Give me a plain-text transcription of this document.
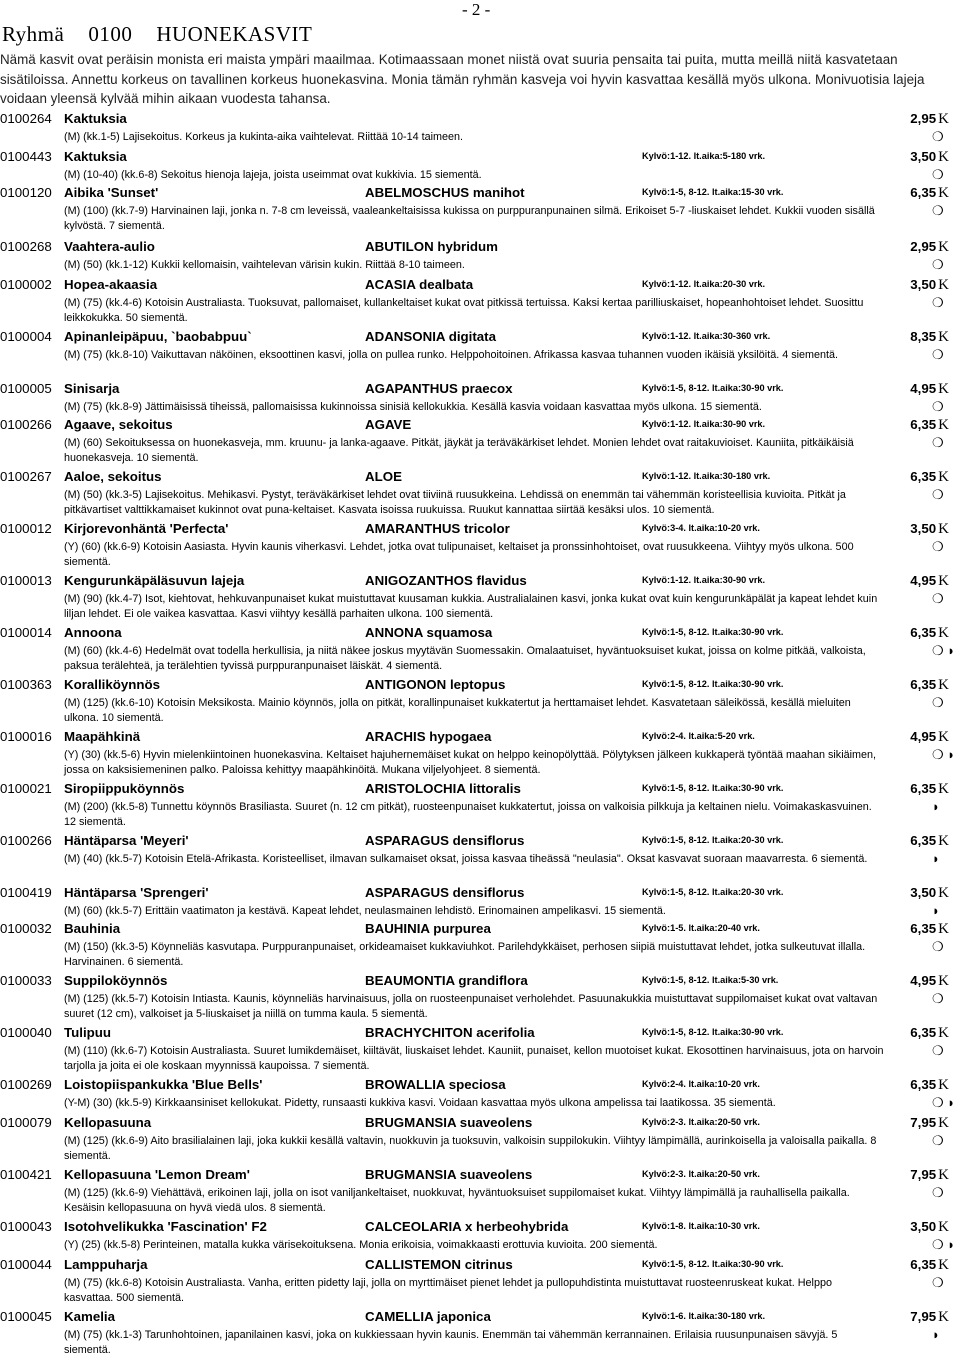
- 2 -
Ryhmä 0100 HUONEKASVIT
Nämä kasvit ovat peräisin monista eri maista ympäri maailmaa. Kotimaassaan monet niistä ovat suuria pensaita tai puita, mutta meillä niitä kasvatetaan sisätiloissa. Annettu korkeus on tavallinen korkeus huonekasvina. Monia tämän ryhmän kasveja voi hyvin kasvattaa kesällä myös ulkona. Monivuotisia lajeja voidaan yleensä kylvää mihin aikaan vuodesta tahansa.
0100264 Kaktuksia	2,95 K
(M) (kk.1-5) Lajisekoitus. Korkeus ja kukinta-aika vaihtelevat. Riittää 10-14 taimeen.	❍
0100443 Kaktuksia	Kylvö:1-12. lt.aika:5-180 vrk.	3,50 K
(M) (10-40) (kk.6-8) Sekoitus hienoja lajeja, joista useimmat ovat kukkivia. 15 siementä.	❍
0100120 Aibika 'Sunset'	ABELMOSCHUS manihot	Kylvö:1-5, 8-12. lt.aika:15-30 vrk.	6,35 K
(M) (100) (kk.7-9) Harvinainen laji, jonka n. 7-8 cm leveissä, vaaleankeltaisissa kukissa on purppuranpunainen silmä. Erikoiset 5-7 -liuskaiset lehdet. Kukkii vuoden sisällä kylvöstä. 7 siementä.
❍
0100268 Vaahtera-aulio	ABUTILON hybridum	2,95 K
(M) (50) (kk.1-12) Kukkii kellomaisin, vaihtelevan värisin kukin. Riittää 8-10 taimeen.	❍
0100002 Hopea-akaasia	ACASIA dealbata	Kylvö:1-12. lt.aika:20-30 vrk.	3,50 K
(M) (75) (kk.4-6) Kotoisin Australiasta. Tuoksuvat, pallomaiset, kullankeltaiset kukat ovat pitkissä tertuissa. Kaksi kertaa parilliuskaiset, hopeanhohtoiset lehdet. Suosittu leikkokukka. 50 siementä.
❍
0100004 Apinanleipäpuu, `baobabpuu`	ADANSONIA digitata	Kylvö:1-12. lt.aika:30-360 vrk.	8,35 K
(M) (75) (kk.8-10) Vaikuttavan näköinen, eksoottinen kasvi, jolla on pullea runko. Helppohoitoinen. Afrikassa kasvaa tuhannen vuoden ikäisiä yksilöitä. 4 siementä.	❍
0100005 Sinisarja	AGAPANTHUS praecox	Kylvö:1-5, 8-12. lt.aika:30-90 vrk.	4,95 K
(M) (75) (kk.8-9) Jättimäisissä tiheissä, pallomaisissa kukinnoissa sinisiä kellokukkia. Kesällä kasvia voidaan kasvattaa myös ulkona. 15 siementä.	❍
0100266 Agaave, sekoitus	AGAVE	Kylvö:1-12. lt.aika:30-90 vrk.	6,35 K
(M) (60) Sekoituksessa on huonekasveja, mm. kruunu- ja lanka-agaave. Pitkät, jäykät ja teräväkärkiset lehdet. Monien lehdet ovat raitakuvioiset. Kauniita, pitkäikäisiä huonekasveja. 10 siementä.
❍
0100267 Aaloe, sekoitus	ALOE	Kylvö:1-12. lt.aika:30-180 vrk.	6,35 K
(M) (50) (kk.3-5) Lajisekoitus. Mehikasvi. Pystyt, teräväkärkiset lehdet ovat tiiviinä ruusukkeina. Lehdissä on enemmän tai vähemmän koristeellisia kuvioita. Pitkät ja pitkävartiset valttikkamaiset kukinnot ovat puna-keltaiset. Kasvata isoissa ruukuissa. Ruukut kannattaa siirtää kesäksi ulos. 10 siementä.
❍
0100012 Kirjorevonhäntä 'Perfecta'	AMARANTHUS tricolor	Kylvö:3-4. lt.aika:10-20 vrk.	3,50 K
(Y) (60) (kk.6-9) Kotoisin Aasiasta. Hyvin kaunis viherkasvi. Lehdet, jotka ovat tulipunaiset, keltaiset ja pronssinhohtoiset, ovat ruusukkeena. Viihtyy myös ulkona. 500 siementä.
❍
0100013 Kengurunkäpäläsuvun lajeja	ANIGOZANTHOS flavidus	Kylvö:1-12. lt.aika:30-90 vrk.	4,95 K
(M) (90) (kk.4-7) Isot, kiehtovat, hehkuvanpunaiset kukat muistuttavat kuusaman kukkia. Australialainen kasvi, jonka kukat ovat kuin kengurunkäpälät ja kapeat lehdet kuin liljan lehdet. Ei ole vaikea kasvattaa. Kasvi viihtyy kesällä parhaiten ulkona. 100 siementä.
❍
0100014 Annoona	ANNONA squamosa	Kylvö:1-5, 8-12. lt.aika:30-90 vrk.	6,35 K
(M) (60) (kk.4-6) Hedelmät ovat todella herkullisia, ja niitä näkee joskus myytävän Suomessakin. Omalaatuiset, hyväntuoksuiset kukat, joissa on kolme pitkää, valkoista, paksua terälehteä, ja terälehtien tyvissä purppuranpunaiset läiskät. 4 siementä.
❍ ◗
0100363 Koralliköynnös	ANTIGONON leptopus	Kylvö:1-5, 8-12. lt.aika:30-90 vrk.	6,35 K
(M) (125) (kk.6-10) Kotoisin Meksikosta. Mainio köynnös, jolla on pitkät, korallinpunaiset kukkatertut ja herttamaiset lehdet. Kasvatetaan säleikössä, kesällä mieluiten ulkona. 10 siementä.
❍
0100016 Maapähkinä	ARACHIS hypogaea	Kylvö:2-4. lt.aika:5-20 vrk.	4,95 K
(Y) (30) (kk.5-6) Hyvin mielenkiintoinen huonekasvina. Keltaiset hajuhernemäiset kukat on helppo keinopölyttää. Pölytyksen jälkeen kukkaperä työntää maahan sikiäimen, jossa on kaksisiemeninen palko. Paloissa kehittyy maapähkinöitä. Mukana viljelyohjeet. 8 siementä.
❍ ◗
0100021 Siropiippuköynnös	ARISTOLOCHIA littoralis	Kylvö:1-5, 8-12. lt.aika:30-90 vrk.	6,35 K
(M) (200) (kk.5-8) Tunnettu köynnös Brasiliasta. Suuret (n. 12 cm pitkät), ruosteenpunaiset kukkatertut, joissa on valkoisia pilkkuja ja keltainen nielu. Voimakaskasvuinen. 12 siementä.
◗
0100266 Häntäparsa 'Meyeri'	ASPARAGUS densiflorus	Kylvö:1-5, 8-12. lt.aika:20-30 vrk.	6,35 K
(M) (40) (kk.5-7) Kotoisin Etelä-Afrikasta. Koristeelliset, ilmavan sulkamaiset oksat, joissa kasvaa tiheässä "neulasia". Oksat kasvavat suoraan maavarresta. 6 siementä.	◗
0100419 Häntäparsa 'Sprengeri'	ASPARAGUS densiflorus	Kylvö:1-5, 8-12. lt.aika:20-30 vrk.	3,50 K
(M) (60) (kk.5-7) Erittäin vaatimaton ja kestävä. Kapeat lehdet, neulasmainen lehdistö. Erinomainen ampelikasvi. 15 siementä.	◗
0100032 Bauhinia	BAUHINIA purpurea	Kylvö:1-5. lt.aika:20-40 vrk.	6,35 K
(M) (150) (kk.3-5) Köynneliäs kasvutapa. Purppuranpunaiset, orkideamaiset kukkaviuhkot. Parilehdykkäiset, perhosen siipiä muistuttavat lehdet, jotka sulkeutuvat illalla. Harvinainen. 6 siementä.
❍
0100033 Suppiloköynnös	BEAUMONTIA grandiflora	Kylvö:1-5, 8-12. lt.aika:5-30 vrk.	4,95 K
(M) (125) (kk.5-7) Kotoisin Intiasta. Kaunis, köynneliäs harvinaisuus, jolla on ruosteenpunaiset verholehdet. Pasuunakukkia muistuttavat suppilomaiset kukat ovat valtavan suuret (12 cm), valkoiset ja 5-liuskaiset ja niillä on tumma kaula. 5 siementä.
❍
0100040 Tulipuu	BRACHYCHITON acerifolia	Kylvö:1-5, 8-12. lt.aika:30-90 vrk.	6,35 K
(M) (110) (kk.6-7) Kotoisin Australiasta. Suuret lumikdemäiset, kiiltävät, liuskaiset lehdet. Kauniit, punaiset, kellon muotoiset kukat. Ekosottinen harvinaisuus, jota on harvoin tarjolla ja joita ei ole koskaan myynnissä kaupoissa. 7 siementä.
❍
0100269 Loistopiispankukka 'Blue Bells'	BROWALLIA speciosa	Kylvö:2-4. lt.aika:10-20 vrk.	6,35 K
(Y-M) (30) (kk.5-9) Kirkkaansiniset kellokukat. Pidetty, runsaasti kukkiva kasvi. Voidaan kasvattaa myös ulkona ampelissa tai laatikossa. 35 siementä.	❍ ◗
0100079 Kellopasuuna	BRUGMANSIA suaveolens	Kylvö:2-3. lt.aika:20-50 vrk.	7,95 K
(M) (125) (kk.6-9) Aito brasilialainen laji, joka kukkii kesällä valtavin, nuokkuvin ja tuoksuvin, valkoisin suppilokukin. Viihtyy lämpimällä, aurinkoisella ja valoisalla paikalla. 8 siementä.
❍
0100421 Kellopasuuna 'Lemon Dream'	BRUGMANSIA suaveolens	Kylvö:2-3. lt.aika:20-50 vrk.	7,95 K
(M) (125) (kk.6-9) Viehättävä, erikoinen laji, jolla on isot vaniljankeltaiset, nuokkuvat, hyväntuoksuiset suppilomaiset kukat. Viihtyy lämpimällä ja rauhallisella paikalla. Kesäisin kellopasuuna on hyvä viedä ulos. 8 siementä.
❍
0100043 Isotohvelikukka 'Fascination' F2	CALCEOLARIA x herbeohybrida	Kylvö:1-8. lt.aika:10-30 vrk.	3,50 K
(Y) (25) (kk.5-8) Perinteinen, matalla kukka värisekoituksena. Monia erikoisia, voimakkaasti erottuvia kuvioita. 200 siementä.	❍ ◗
0100044 Lamppuharja	CALLISTEMON citrinus	Kylvö:1-5, 8-12. lt.aika:30-90 vrk.	6,35 K
(M) (75) (kk.6-8) Kotoisin Australiasta. Vanha, eritten pidetty laji, jolla on myrttimäiset pienet lehdet ja pullopuhdistinta muistuttavat ruosteenruskeat kukat. Helppo kasvattaa. 500 siementä.
❍
0100045 Kamelia	CAMELLIA japonica	Kylvö:1-6. lt.aika:30-180 vrk.	7,95 K
(M) (75) (kk.1-3) Tarunhohtoinen, japanilainen kasvi, joka on kukkiessaan hyvin kaunis. Enemmän tai vähemmän kerrannainen. Erilaisia ruusunpunaisen sävyjä. 5 siementä.
◗
